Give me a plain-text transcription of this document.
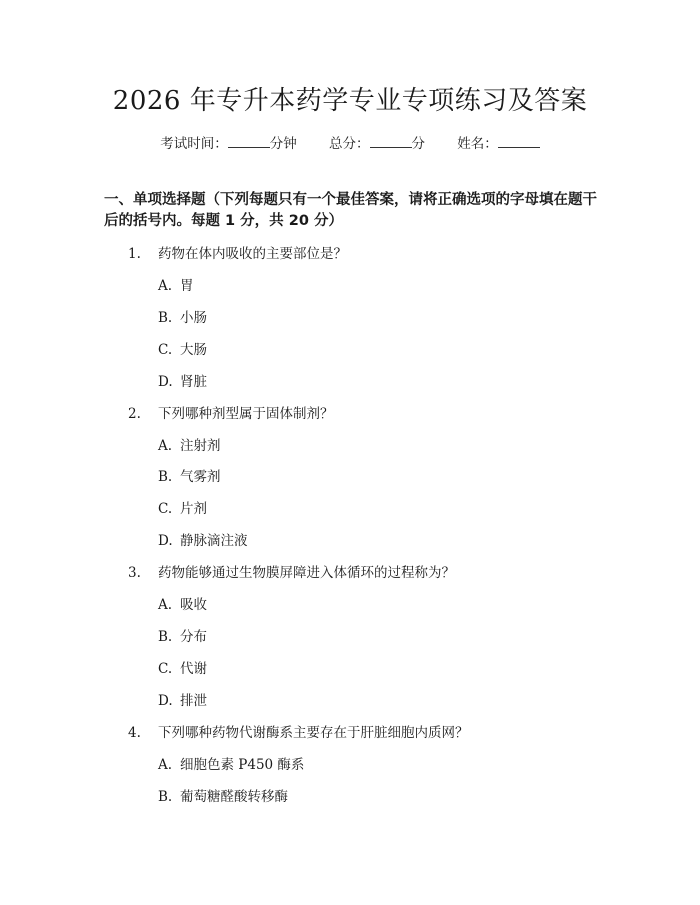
2026 年专升本药学专业专项练习及答案
考试时间：	分钟 总分：	分 姓名：
一、单项选择题（下列每题只有一个最佳答案，请将正确选项的字母填在题干后的括号内。每题 1 分，共 20 分）
1.	药物在体内吸收的主要部位是？
A. 胃
B. 小肠
C. 大肠
D. 肾脏
2.	下列哪种剂型属于固体制剂？
A. 注射剂
B. 气雾剂
C. 片剂
D. 静脉滴注液
3.	药物能够通过生物膜屏障进入体循环的过程称为？
A. 吸收
B. 分布
C. 代谢
D. 排泄
4.	下列哪种药物代谢酶系主要存在于肝脏细胞内质网？
A. 细胞色素 P450 酶系
B. 葡萄糖醛酸转移酶
